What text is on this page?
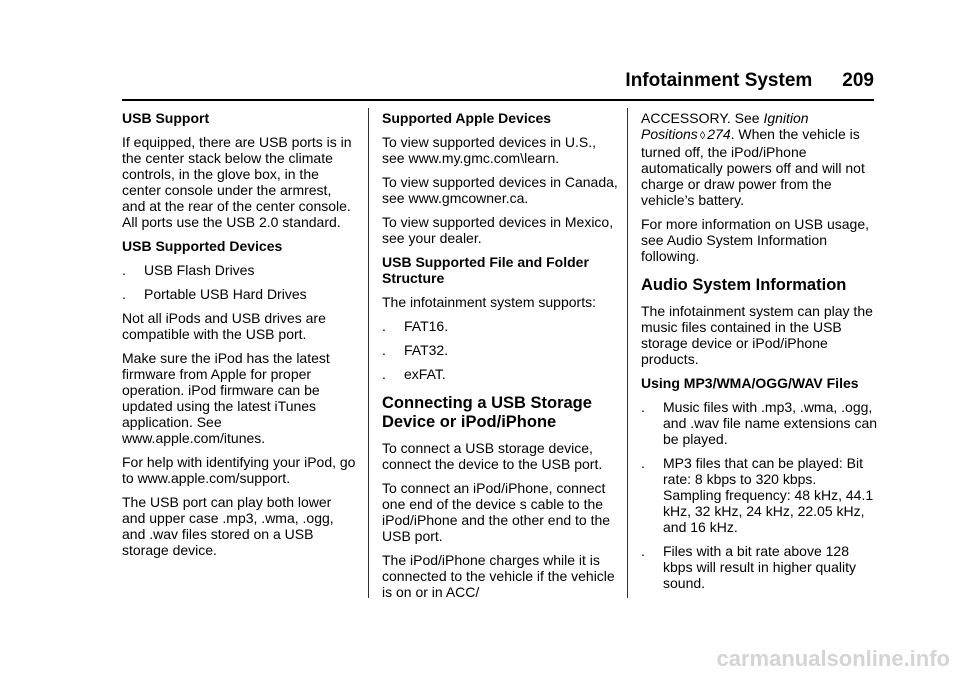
Infotainment System 209
USB Support

If equipped, there are USB ports is in the center stack below the climate controls, in the glove box, in the center console under the armrest, and at the rear of the center console. All ports use the USB 2.0 standard.

USB Supported Devices
.	USB Flash Drives
.	Portable USB Hard Drives

Not all iPods and USB drives are compatible with the USB port.

Make sure the iPod has the latest firmware from Apple for proper operation. iPod firmware can be updated using the latest iTunes application. See www.apple.com/itunes.

For help with identifying your iPod, go to www.apple.com/support.

The USB port can play both lower and upper case .mp3, .wma, .ogg, and .wav files stored on a USB storage device.

Supported Apple Devices

To view supported devices in U.S., see www.my.gmc.com\learn.

To view supported devices in Canada, see www.gmcowner.ca.

To view supported devices in Mexico, see your dealer.

USB Supported File and Folder Structure

The infotainment system supports:

.	FAT16.
.	FAT32.
.	exFAT.
Connecting a USB Storage Device or iPod/iPhone

To connect a USB storage device, connect the device to the USB port.

To connect an iPod/iPhone, connect one end of the device s cable to the iPod/iPhone and the other end to the USB port.

The iPod/iPhone charges while it is connected to the vehicle if the vehicle is on or in ACC/

ACCESSORY. See Ignition Positions ◊ 274. When the vehicle is turned off, the iPod/iPhone automatically powers off and will not charge or draw power from the vehicle’s battery.

For more information on USB usage, see Audio System Information following.

Audio System Information

The infotainment system can play the music files contained in the USB storage device or iPod/iPhone products.

Using MP3/WMA/OGG/WAV Files
.	Music files with .mp3, .wma, .ogg, and .wav file name extensions can be played.
.	MP3 files that can be played: Bit rate: 8 kbps to 320 kbps. Sampling frequency: 48 kHz, 44.1 kHz, 32 kHz, 24 kHz, 22.05 kHz, and 16 kHz.
.	Files with a bit rate above 128 kbps will result in higher quality sound.
carmanualsonline.info
